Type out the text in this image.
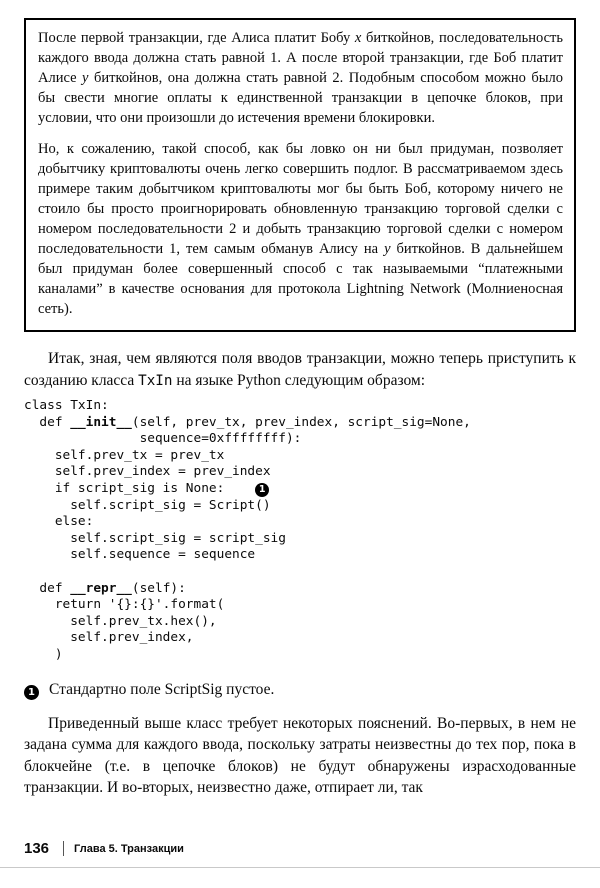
После первой транзакции, где Алиса платит Бобу x биткойнов, последовательность каждого ввода должна стать равной 1. А после второй транзакции, где Боб платит Алисе y биткойнов, она должна стать равной 2. Подобным способом можно было бы свести многие оплаты к единственной транзакции в цепочке блоков, при условии, что они произошли до истечения времени блокировки.

Но, к сожалению, такой способ, как бы ловко он ни был придуман, позволяет добытчику криптовалюты очень легко совершить подлог. В рассматриваемом здесь примере таким добытчиком криптовалюты мог бы быть Боб, которому ничего не стоило бы просто проигнорировать обновленную транзакцию торговой сделки с номером последовательности 2 и добыть транзакцию торговой сделки с номером последовательности 1, тем самым обманув Алису на y биткойнов. В дальнейшем был придуман более совершенный способ с так называемыми “платежными каналами” в качестве основания для протокола Lightning Network (Молниеносная сеть).

Итак, зная, чем являются поля вводов транзакции, можно теперь приступить к созданию класса TxIn на языке Python следующим образом:

class TxIn:
def __init__(self, prev_tx, prev_index, script_sig=None,
sequence=0xffffffff):
self.prev_tx = prev_tx
self.prev_index = prev_index
if script_sig is None:    1
self.script_sig = Script()
else:
self.script_sig = script_sig
self.sequence = sequence

def __repr__(self):
return '{}:{}'.format(
self.prev_tx.hex(),
self.prev_index,
)

1 Стандартно поле ScriptSig пустое.

Приведенный выше класс требует некоторых пояснений. Во-первых, в нем не задана сумма для каждого ввода, поскольку затраты неизвестны до тех пор, пока в блокчейне (т.е. в цепочке блоков) не будут обнаружены израсходованные транзакции. И во-вторых, неизвестно даже, отпирает ли, так

136 Глава 5. Транзакции
